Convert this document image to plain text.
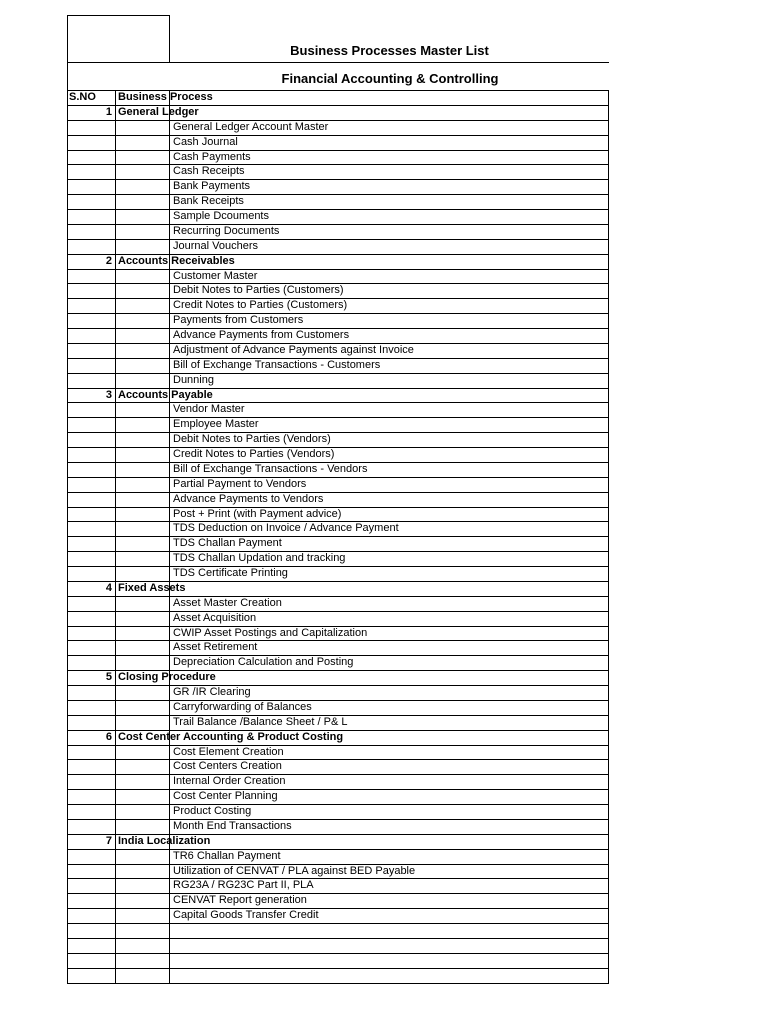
Business Processes Master List
Financial Accounting & Controlling
S.NO	Business Process
1 General Ledger
General Ledger Account Master
Cash Journal
Cash Payments
Cash Receipts
Bank Payments
Bank Receipts
Sample Dcouments
Recurring Documents
Journal Vouchers
2 Accounts Receivables
Customer Master
Debit Notes to Parties (Customers)
Credit Notes to Parties (Customers)
Payments from Customers
Advance Payments from Customers
Adjustment of Advance Payments against Invoice
Bill of Exchange Transactions - Customers
Dunning
3 Accounts Payable
Vendor Master
Employee Master
Debit Notes to Parties (Vendors)
Credit Notes to Parties (Vendors)
Bill of Exchange Transactions - Vendors
Partial Payment to Vendors
Advance Payments to Vendors
Post + Print (with Payment advice)
TDS Deduction on Invoice / Advance Payment
TDS Challan Payment
TDS Challan Updation and tracking
TDS Certificate Printing
4 Fixed Assets
Asset Master Creation
Asset Acquisition
CWIP Asset Postings and Capitalization
Asset Retirement
Depreciation Calculation and Posting
5 Closing Procedure
GR /IR Clearing
Carryforwarding of Balances
Trail Balance /Balance Sheet / P& L
6 Cost Center Accounting & Product Costing
Cost Element Creation
Cost Centers Creation
Internal Order Creation
Cost Center Planning
Product Costing
Month End Transactions
7 India Localization
TR6 Challan Payment
Utilization of CENVAT / PLA against BED Payable
RG23A / RG23C Part II, PLA
CENVAT Report generation
Capital Goods Transfer Credit
